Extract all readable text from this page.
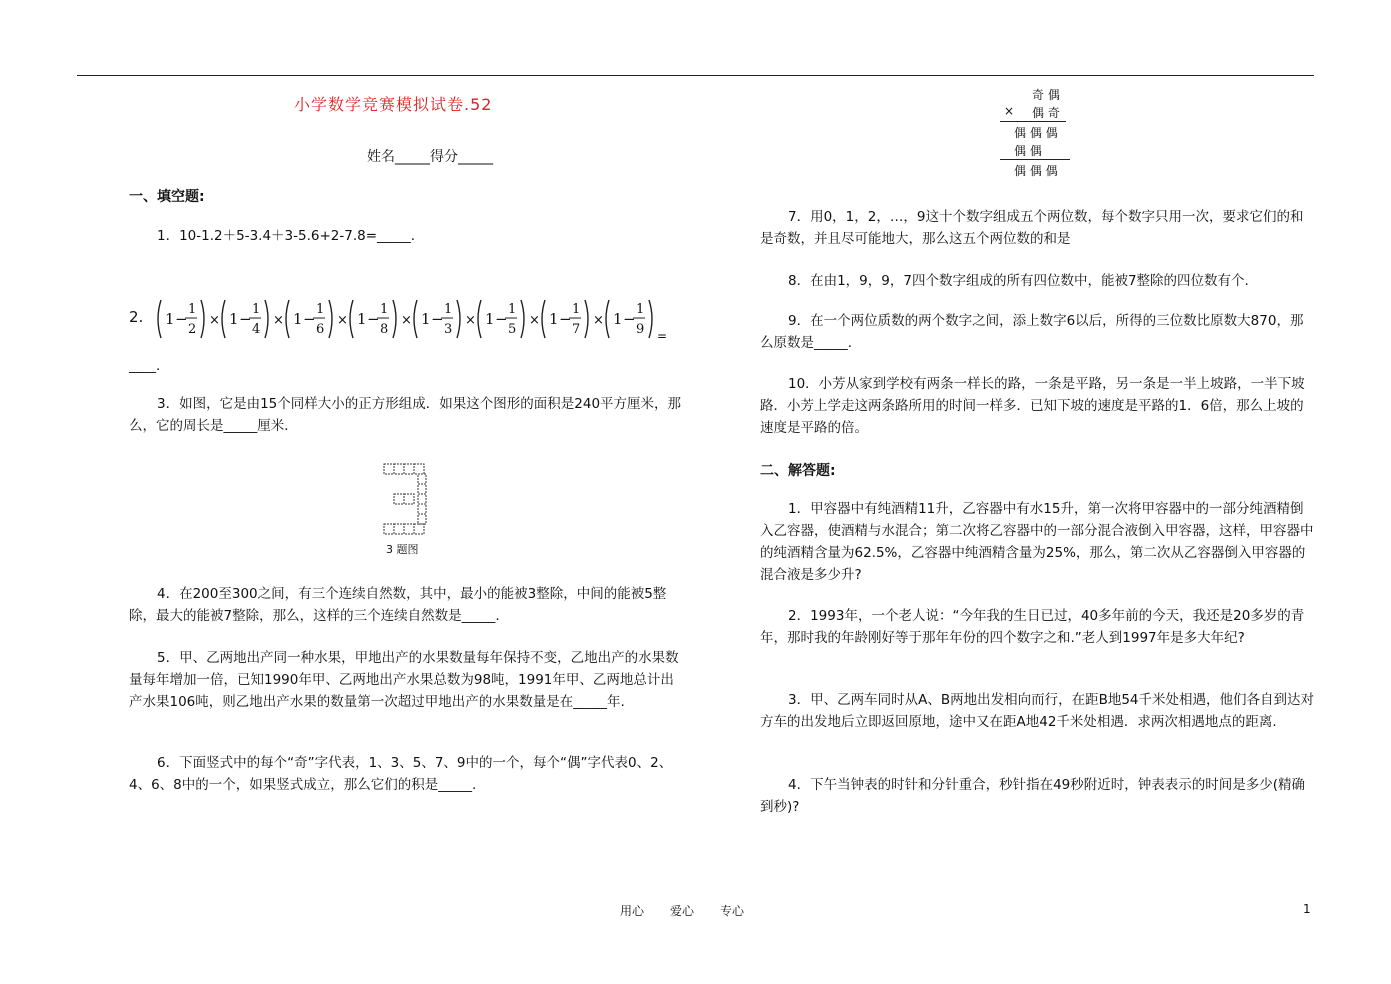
小学数学竞赛模拟试卷.52
姓名_____得分_____
一、填空题:
1．10-1.2＋5-3.4＋3-5.6+2-7.8=_____.
2. 1 −
1
2
× 1 −
1
4
× 1 −
1
6
× 1 −
1
8
× 1 −
1
3
× 1 −
1
5
× 1 −
1
7
× 1 −
1
9 =_
____.
3．如图，它是由15个同样大小的正方形组成．如果这个图形的面积是240平方厘米，那么，它的周长是_____厘米．
3 题图
4．在200至300之间，有三个连续自然数，其中，最小的能被3整除，中间的能被5整除，最大的能被7整除，那么，这样的三个连续自然数是_____.
5．甲、乙两地出产同一种水果，甲地出产的水果数量每年保持不变，乙地出产的水果数量每年增加一倍，已知1990年甲、乙两地出产水果总数为98吨，1991年甲、乙两地总计出产水果106吨，则乙地出产水果的数量第一次超过甲地出产的水果数量是在_____年.
6．下面竖式中的每个“奇”字代表，1、3、5、7、9中的一个，每个“偶”字代表0、2、4、6、8中的一个，如果竖式成立，那么它们的积是_____.
奇 偶
× 偶 奇
偶 偶 偶
偶 偶
偶 偶 偶
7．用0，1，2，…，9这十个数字组成五个两位数，每个数字只用一次，要求它们的和是奇数，并且尽可能地大，那么这五个两位数的和是
8．在由1，9，9，7四个数字组成的所有四位数中，能被7整除的四位数有个.
9．在一个两位质数的两个数字之间，添上数字6以后，所得的三位数比原数大870，那么原数是_____.
10．小芳从家到学校有两条一样长的路，一条是平路，另一条是一半上坡路，一半下坡路．小芳上学走这两条路所用的时间一样多．已知下坡的速度是平路的1．6倍，那么上坡的速度是平路的倍。
二、解答题:
1．甲容器中有纯酒精11升，乙容器中有水15升，第一次将甲容器中的一部分纯酒精倒入乙容器，使酒精与水混合；第二次将乙容器中的一部分混合液倒入甲容器，这样，甲容器中的纯酒精含量为62.5%，乙容器中纯酒精含量为25%，那么，第二次从乙容器倒入甲容器的混合液是多少升?
2．1993年，一个老人说：“今年我的生日已过，40多年前的今天，我还是20多岁的青年，那时我的年龄刚好等于那年年份的四个数字之和.”老人到1997年是多大年纪?
3．甲、乙两车同时从A、B两地出发相向而行，在距B地54千米处相遇，他们各自到达对方车的出发地后立即返回原地，途中又在距A地42千米处相遇．求两次相遇地点的距离.
4．下午当钟表的时针和分针重合，秒针指在49秒附近时，钟表表示的时间是多少(精确到秒)?
用心 爱心 专心	1
